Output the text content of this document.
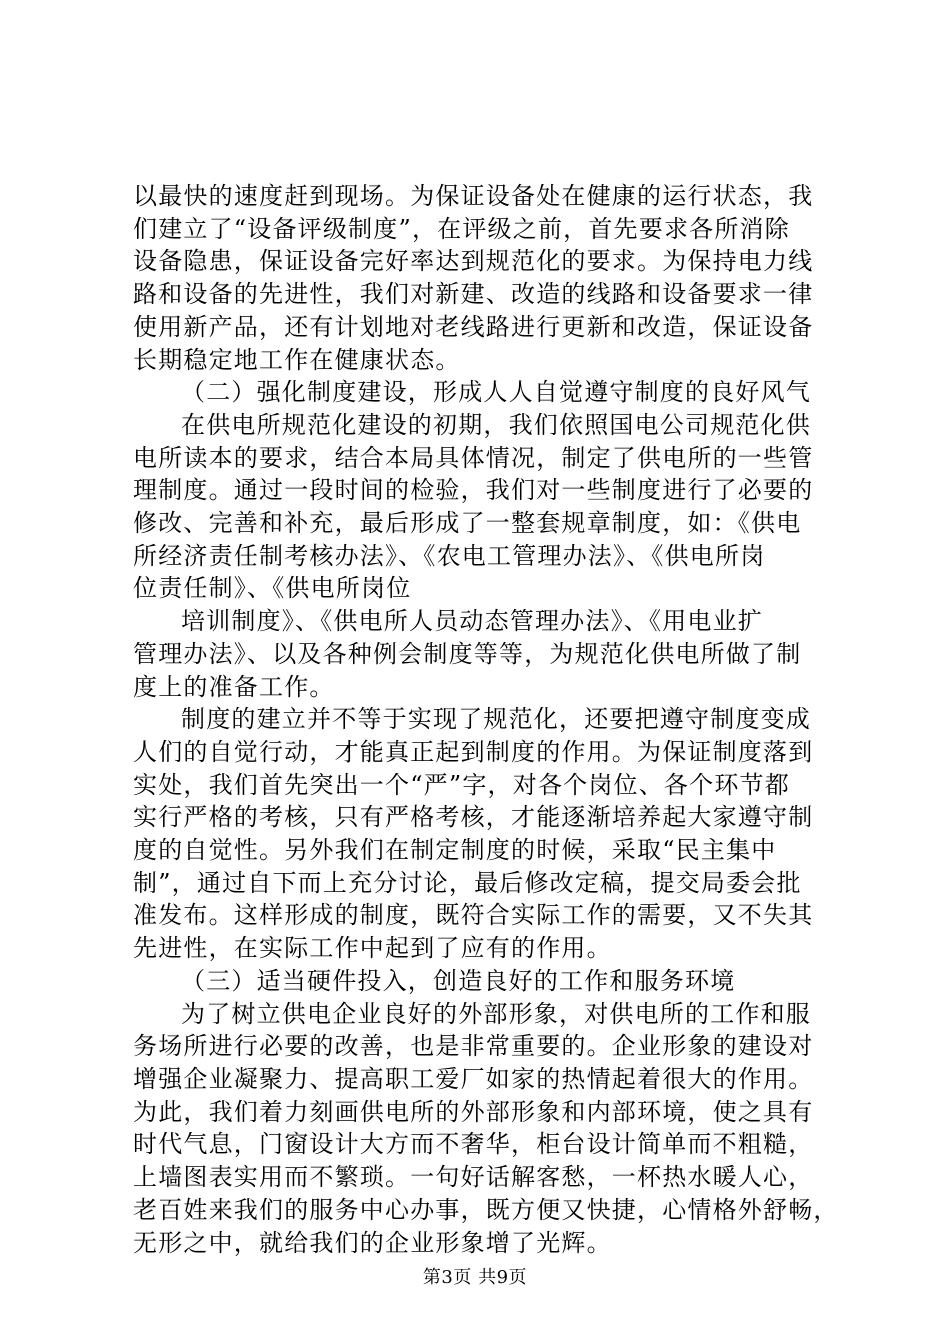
以最快的速度赶到现场。为保证设备处在健康的运行状态，我
们建立了“设备评级制度”，在评级之前，首先要求各所消除
设备隐患，保证设备完好率达到规范化的要求。为保持电力线
路和设备的先进性，我们对新建、改造的线路和设备要求一律
使用新产品，还有计划地对老线路进行更新和改造，保证设备
长期稳定地工作在健康状态。
（二）强化制度建设，形成人人自觉遵守制度的良好风气
在供电所规范化建设的初期，我们依照国电公司规范化供
电所读本的要求，结合本局具体情况，制定了供电所的一些管
理制度。通过一段时间的检验，我们对一些制度进行了必要的
修改、完善和补充，最后形成了一整套规章制度，如：《供电
所经济责任制考核办法》、《农电工管理办法》、《供电所岗
位责任制》、《供电所岗位
培训制度》、《供电所人员动态管理办法》、《用电业扩
管理办法》、以及各种例会制度等等，为规范化供电所做了制
度上的准备工作。
制度的建立并不等于实现了规范化，还要把遵守制度变成
人们的自觉行动，才能真正起到制度的作用。为保证制度落到
实处，我们首先突出一个“严”字，对各个岗位、各个环节都
实行严格的考核，只有严格考核，才能逐渐培养起大家遵守制
度的自觉性。另外我们在制定制度的时候，采取“民主集中
制”，通过自下而上充分讨论，最后修改定稿，提交局委会批
准发布。这样形成的制度，既符合实际工作的需要，又不失其
先进性，在实际工作中起到了应有的作用。
（三）适当硬件投入，创造良好的工作和服务环境
为了树立供电企业良好的外部形象，对供电所的工作和服
务场所进行必要的改善，也是非常重要的。企业形象的建设对
增强企业凝聚力、提高职工爱厂如家的热情起着很大的作用。
为此，我们着力刻画供电所的外部形象和内部环境，使之具有
时代气息，门窗设计大方而不奢华，柜台设计简单而不粗糙，
上墙图表实用而不繁琐。一句好话解客愁，一杯热水暖人心，
老百姓来我们的服务中心办事，既方便又快捷，心情格外舒畅，
无形之中，就给我们的企业形象增了光辉。
第3页 共9页
